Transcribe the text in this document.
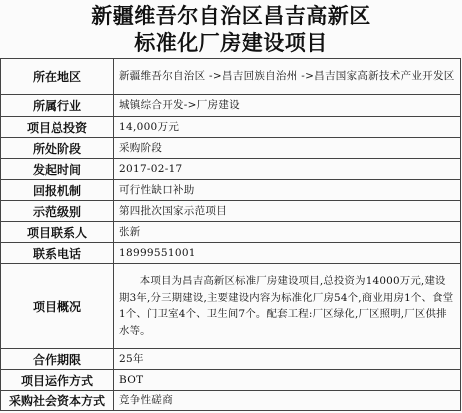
新疆维吾尔自治区昌吉高新区
标准化厂房建设项目
所在地区	新疆维吾尔自治区 ->昌吉回族自治州 ->昌吉国家高新技术产业开发区
所属行业	城镇综合开发->厂房建设
项目总投资	14,000万元
所处阶段	采购阶段
发起时间	2017-02-17
回报机制	可行性缺口补助
示范级别	第四批次国家示范项目
项目联系人	张新
联系电话	18999551001
项目概况	本项目为昌吉高新区标准厂房建设项目,总投资为14000万元,建设期3年,分三期建设,主要建设内容为标准化厂房54个,商业用房1个、食堂1个、门卫室4个、卫生间7个。配套工程:厂区绿化,厂区照明,厂区供排水等。
合作期限	25年
项目运作方式	BOT
采购社会资本方式	竞争性磋商
